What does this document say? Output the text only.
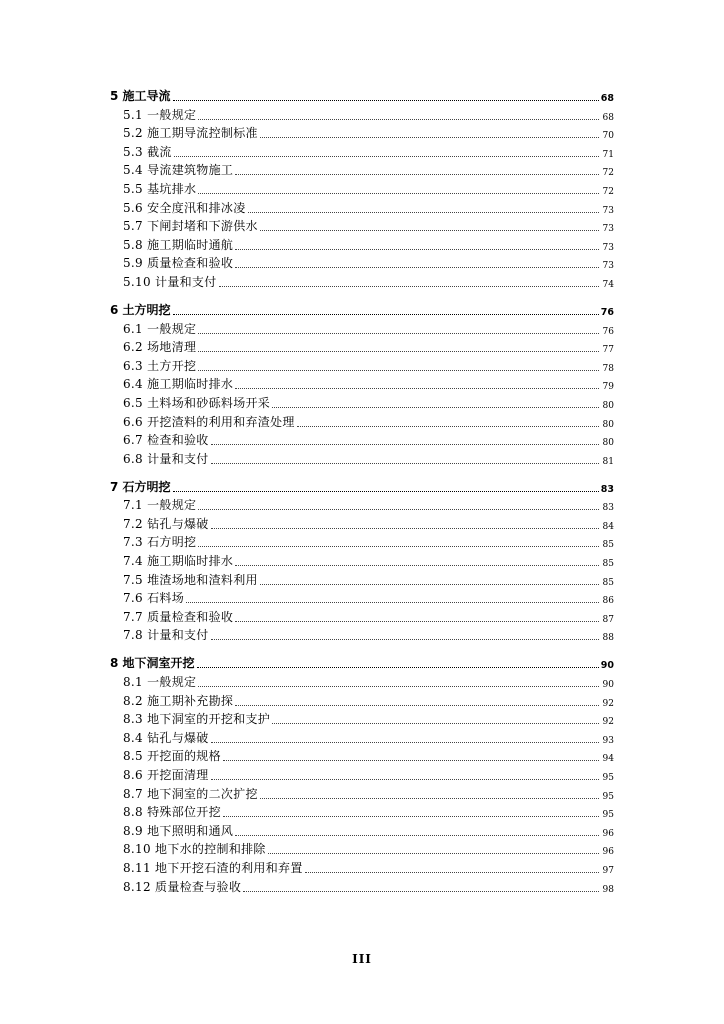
5 施工导流	68
5.1 一般规定	68
5.2 施工期导流控制标准	70
5.3 截流	71
5.4 导流建筑物施工	72
5.5 基坑排水	72
5.6 安全度汛和排冰凌	73
5.7 下闸封堵和下游供水	73
5.8 施工期临时通航	73
5.9 质量检查和验收	73
5.10 计量和支付	74
6 土方明挖	76
6.1 一般规定	76
6.2 场地清理	77
6.3 土方开挖	78
6.4 施工期临时排水	79
6.5 土料场和砂砾料场开采	80
6.6 开挖渣料的利用和弃渣处理	80
6.7 检查和验收	80
6.8 计量和支付	81
7 石方明挖	83
7.1 一般规定	83
7.2 钻孔与爆破	84
7.3 石方明挖	85
7.4 施工期临时排水	85
7.5 堆渣场地和渣料利用	85
7.6 石料场	86
7.7 质量检查和验收	87
7.8 计量和支付	88
8 地下洞室开挖	90
8.1 一般规定	90
8.2 施工期补充勘探	92
8.3 地下洞室的开挖和支护	92
8.4 钻孔与爆破	93
8.5 开挖面的规格	94
8.6 开挖面清理	95
8.7 地下洞室的二次扩挖	95
8.8 特殊部位开挖	95
8.9 地下照明和通风	96
8.10 地下水的控制和排除	96
8.11 地下开挖石渣的利用和弃置	97
8.12 质量检查与验收	98
III
